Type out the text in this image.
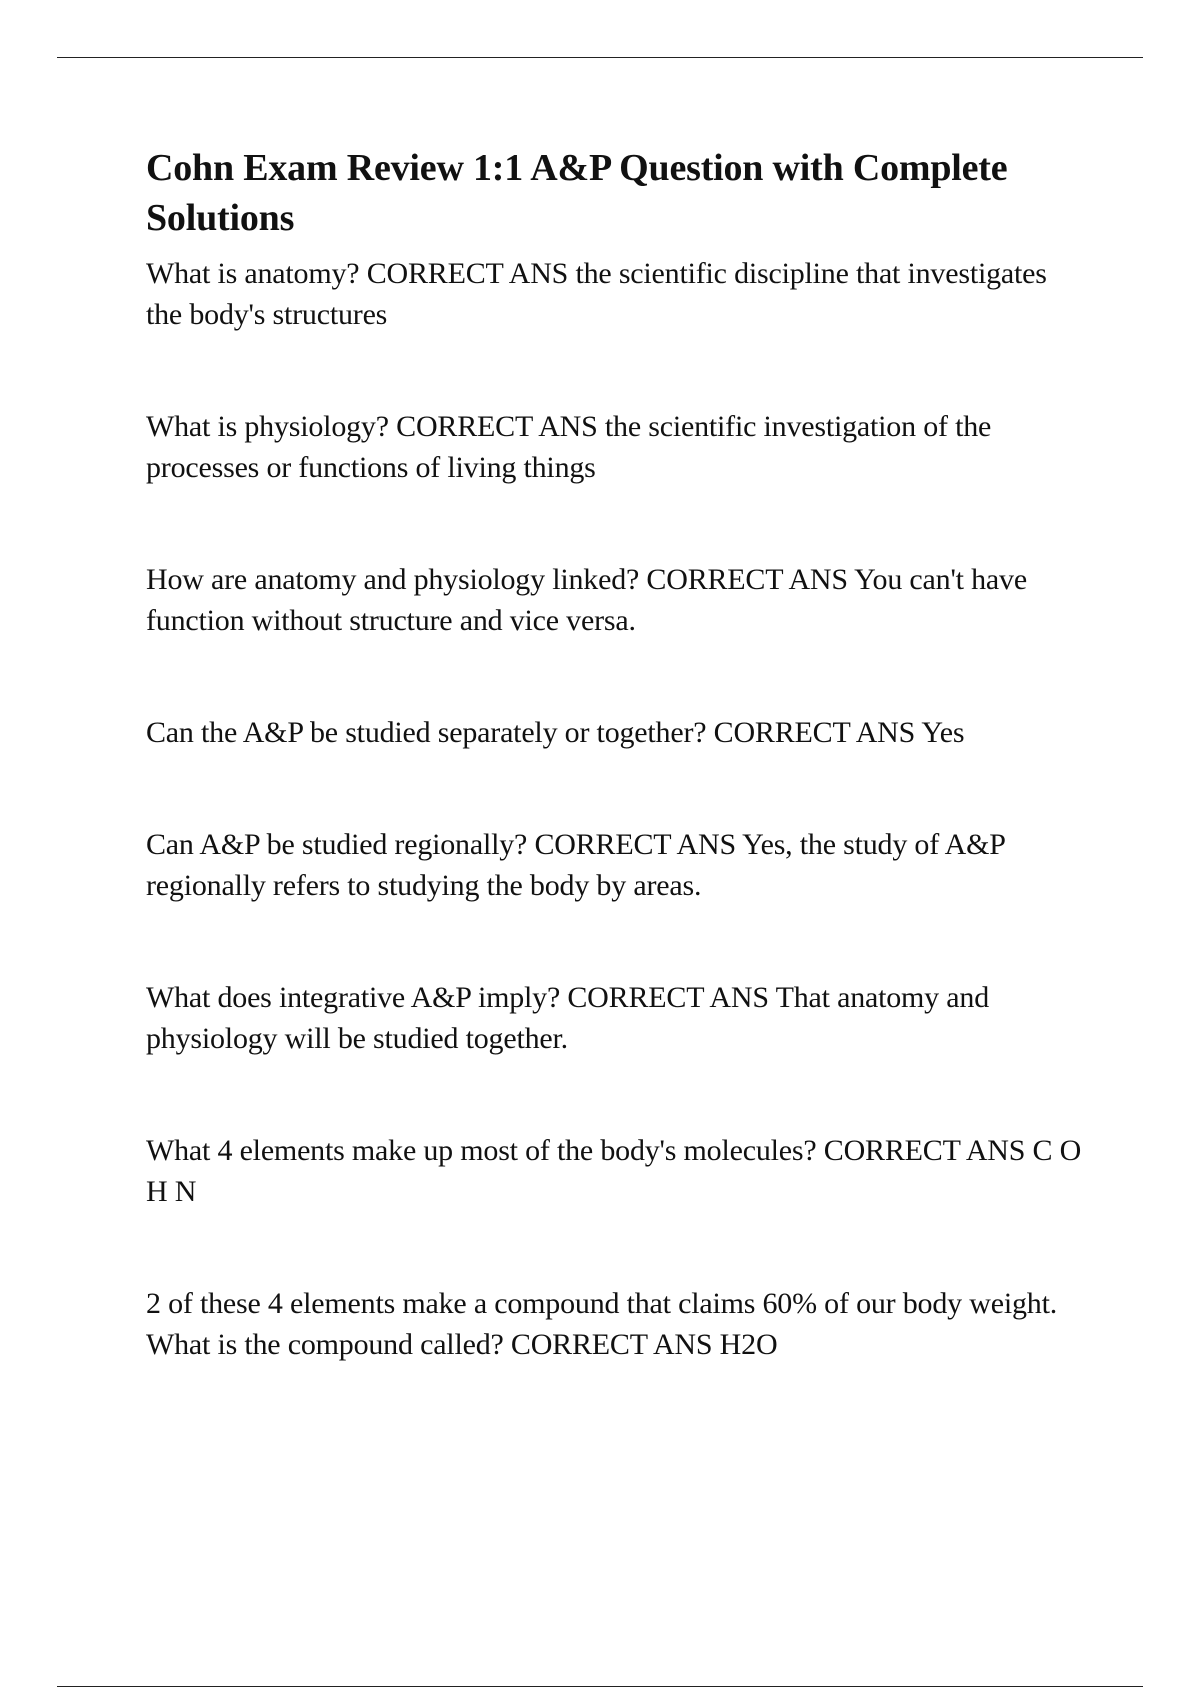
Cohn Exam Review 1:1 A&P Question with Complete Solutions
What is anatomy? CORRECT ANS the scientific discipline that investigates the body's structures
What is physiology? CORRECT ANS the scientific investigation of the processes or functions of living things
How are anatomy and physiology linked? CORRECT ANS You can't have function without structure and vice versa.
Can the A&P be studied separately or together? CORRECT ANS Yes
Can A&P be studied regionally? CORRECT ANS Yes, the study of A&P regionally refers to studying the body by areas.
What does integrative A&P imply? CORRECT ANS That anatomy and physiology will be studied together.
What 4 elements make up most of the body's molecules? CORRECT ANS C O H N
2 of these 4 elements make a compound that claims 60% of our body weight. What is the compound called? CORRECT ANS H2O
